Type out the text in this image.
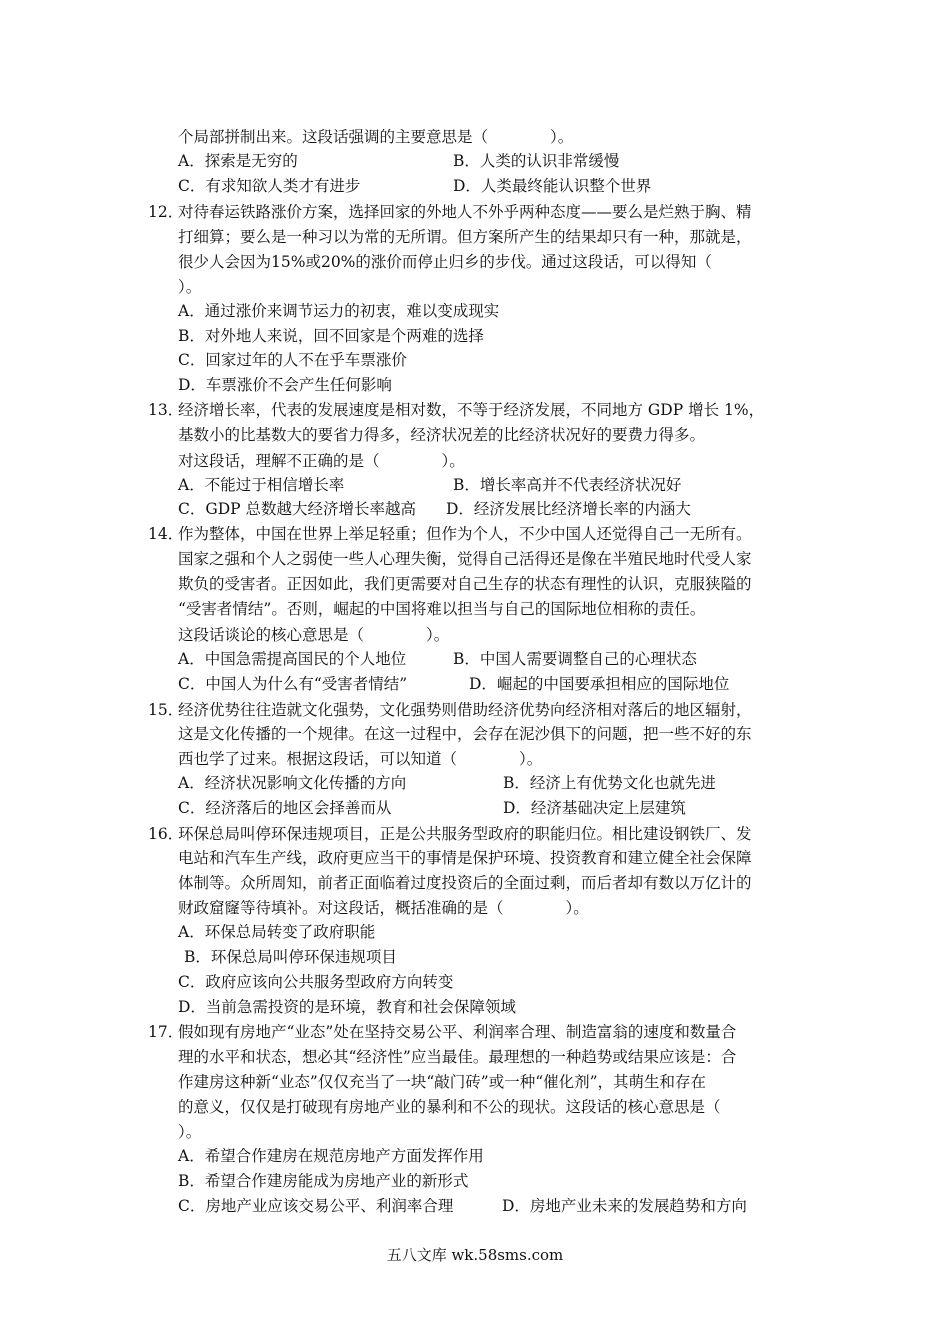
个局部拼制出来。这段话强调的主要意思是（　　　　）。
A．探索是无穷的	B．人类的认识非常缓慢
C．有求知欲人类才有进步	D．人类最终能认识整个世界
12．
对待春运铁路涨价方案，选择回家的外地人不外乎两种态度——要么是烂熟于胸、精
打细算；要么是一种习以为常的无所谓。但方案所产生的结果却只有一种，那就是，
很少人会因为15%或20%的涨价而停止归乡的步伐。通过这段话，可以得知（
）。
A．通过涨价来调节运力的初衷，难以变成现实
B．对外地人来说，回不回家是个两难的选择
C．回家过年的人不在乎车票涨价
D．车票涨价不会产生任何影响
13．
经济增长率，代表的发展速度是相对数，不等于经济发展，不同地方 GDP 增长 1%，
基数小的比基数大的要省力得多，经济状况差的比经济状况好的要费力得多。
对这段话，理解不正确的是（　　　　）。
A．不能过于相信增长率	B．增长率高并不代表经济状况好
C．GDP 总数越大经济增长率越高 D．经济发展比经济增长率的内涵大
14．
作为整体，中国在世界上举足轻重；但作为个人，不少中国人还觉得自己一无所有。
国家之强和个人之弱使一些人心理失衡，觉得自己活得还是像在半殖民地时代受人家
欺负的受害者。正因如此，我们更需要对自己生存的状态有理性的认识，克服狭隘的
“受害者情结”。否则，崛起的中国将难以担当与自己的国际地位相称的责任。
这段话谈论的核心意思是（　　　　）。
A．中国急需提高国民的个人地位	B．中国人需要调整自己的心理状态
C．中国人为什么有“受害者情结”	D．崛起的中国要承担相应的国际地位
15．
经济优势往往造就文化强势，文化强势则借助经济优势向经济相对落后的地区辐射，
这是文化传播的一个规律。在这一过程中，会存在泥沙俱下的问题，把一些不好的东
西也学了过来。根据这段话，可以知道（　　　　）。
A．经济状况影响文化传播的方向	B．经济上有优势文化也就先进
C．经济落后的地区会择善而从	D．经济基础决定上层建筑
16．
环保总局叫停环保违规项目，正是公共服务型政府的职能归位。相比建设钢铁厂、发
电站和汽车生产线，政府更应当干的事情是保护环境、投资教育和建立健全社会保障
体制等。众所周知，前者正面临着过度投资后的全面过剩，而后者却有数以万亿计的
财政窟窿等待填补。对这段话，概括准确的是（　　　　）。
A．环保总局转变了政府职能
B．环保总局叫停环保违规项目
C．政府应该向公共服务型政府方向转变
D．当前急需投资的是环境，教育和社会保障领域
17．
假如现有房地产“业态”处在坚持交易公平、利润率合理、制造富翁的速度和数量合
理的水平和状态，想必其“经济性”应当最佳。最理想的一种趋势或结果应该是：合
作建房这种新“业态”仅仅充当了一块“敲门砖”或一种“催化剂”，其萌生和存在
的意义，仅仅是打破现有房地产业的暴利和不公的现状。这段话的核心意思是（
）。
A．希望合作建房在规范房地产方面发挥作用
B．希望合作建房能成为房地产业的新形式
C．房地产业应该交易公平、利润率合理	D．房地产业未来的发展趋势和方向
五八文库 wk.58sms.com
